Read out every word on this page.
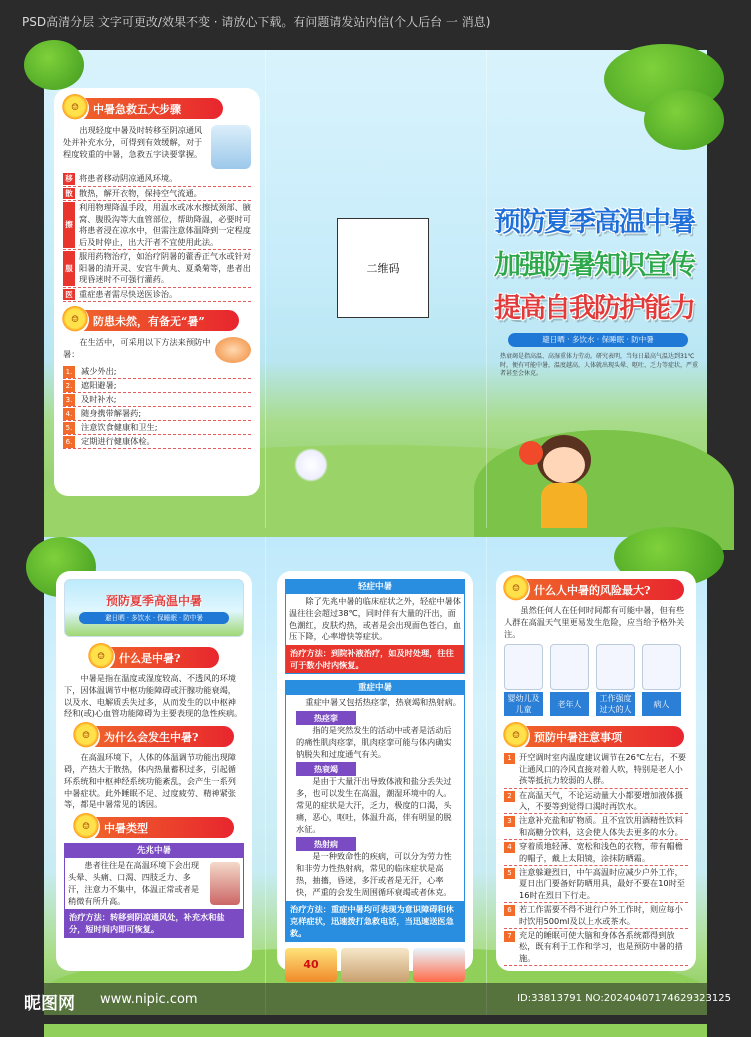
PSD高清分层 文字可更改/效果不变 · 请放心下载。有问题请发站内信(个人后台 一 消息)
☺	中暑急救五大步骤
出现轻度中暑及时转移至阴凉通风处并补充水分，可得到有效缓解，对于程度较重的中暑，急救五字诀要掌握。
移 将患者移动阴凉通风环境。
散 散热，解开衣物，保持空气流通。
擦
利用物理降温手段，用温水或冰水擦拭颈部、腋窝、腹股沟等大血管部位，帮助降温，必要时可将患者浸在凉水中，但需注意体温降到一定程度后及时停止，出大汗者不宜使用此法。
服
服用药物治疗，如治疗阴暑的藿香正气水或针对阳暑的清开灵、安宫牛黄丸、夏桑菊等，患者出现昏迷时不可强行灌药。
医 重症患者需尽快送医诊治。
☺	防患未然，有备无“暑”
在生活中，可采用以下方法来预防中暑：
1.	减少外出;
2.	遮阳避暑;
3.	及时补水;
4.	随身携带解暑药;
5.	注意饮食健康和卫生;
6.	定期进行健康体检。
二维码
预防夏季高温中暑
加强防暑知识宣传
提高自我防护能力
避日晒 · 多饮水 · 保睡眠 · 防中暑
热衰竭是指高温、高湿重体力劳动。研究表明，当每日最高气温达到31℃时，便有可能中暑，温度越高，人体就出现头晕、呕吐、乏力等症状，严重者甚至会休克。
预防夏季高温中暑
避日晒 · 多饮水 · 保睡眠 · 防中暑
☺	什么是中暑?
中暑是指在温度或湿度较高、不透风的环境下，因体温调节中枢功能障碍或汗腺功能衰竭，以及水、电解质丢失过多，从而发生的以中枢神经和(或)心血管功能障碍为主要表现的急性疾病。
☺	为什么会发生中暑?
在高温环境下，人体的体温调节功能出现障碍，产热大于散热，体内热量蓄积过多，引起循环系统和中枢神经系统功能紊乱，会产生一系列中暑症状。此外睡眠不足、过度疲劳、精神紧张等，都是中暑常见的诱因。
☺	中暑类型
先兆中暑
患者往往是在高温环境下会出现头晕、头痛、口渴、四肢乏力、多汗，注意力不集中，体温正常或者是稍微有所升高。
治疗方法：转移到阴凉通风处，补充水和盐分，短时间内即可恢复。
轻症中暑
除了先兆中暑的临床症状之外，轻症中暑体温往往会超过38℃，同时伴有大量的汗出，面色潮红，皮肤灼热，或者是会出现面色苍白，血压下降，心率增快等症状。
治疗方法：到院补液治疗，如及时处理，往往可于数小时内恢复。
重症中暑
重症中暑又包括热痉挛，热衰竭和热射病。
热痉挛
指的是突然发生的活动中或者是活动后的痛性肌肉痉挛，肌肉痉挛可能与体内确实钠脱失和过度通气有关。
热衰竭
是由于大量汗出导致体液和盐分丢失过多，也可以发生在高温，潮湿环境中的人。常见的症状是大汗，乏力，极度的口渴，头痛，恶心，呕吐，体温升高，伴有明显的脱水征。
热射病
是一种致命性的疾病，可以分为劳力性和非劳力性热射病，常见的临床症状是高热，抽搐，昏迷，多汗或者是无汗，心率快，严重的会发生周围循环衰竭或者休克。
治疗方法：重症中暑均可表现为意识障碍和休克样症状，迅速拨打急救电话，当迅速送医急救。
40
☺	什么人中暑的风险最大?
虽然任何人在任何时间都有可能中暑，但有些人群在高温天气里更易发生危险，应当给予格外关注。
婴幼儿及儿童
老年人
工作强度过大的人
病人
☺	预防中暑注意事项
1 开空调时室内温度建议调节在26℃左右，不要让通风口的冷风直接对着人吹，特别是老人小孩等抵抗力较弱的人群。
2 在高温天气，不论运动量大小都要增加液体摄入，不要等到觉得口渴时再饮水。
3 注意补充盐和矿物质。且不宜饮用酒精性饮料和高糖分饮料，这会使人体失去更多的水分。
4 穿着质地轻薄、宽松和浅色的衣物，带有帽檐的帽子，戴上太阳镜，涂抹防晒霜。
5 注意躲避烈日，中午高温时应减少户外工作，夏日出门要备好防晒用具，最好不要在10时至16时在烈日下行走。
6 若工作需要不得不进行户外工作时，则应每小时饮用500ml及以上水或茶水。
7 充足的睡眠可使大脑和身体各系统都得到放松，既有利于工作和学习，也是预防中暑的措施。
昵图网 www.nipic.com	ID:33813791 NO:20240407174629323125
